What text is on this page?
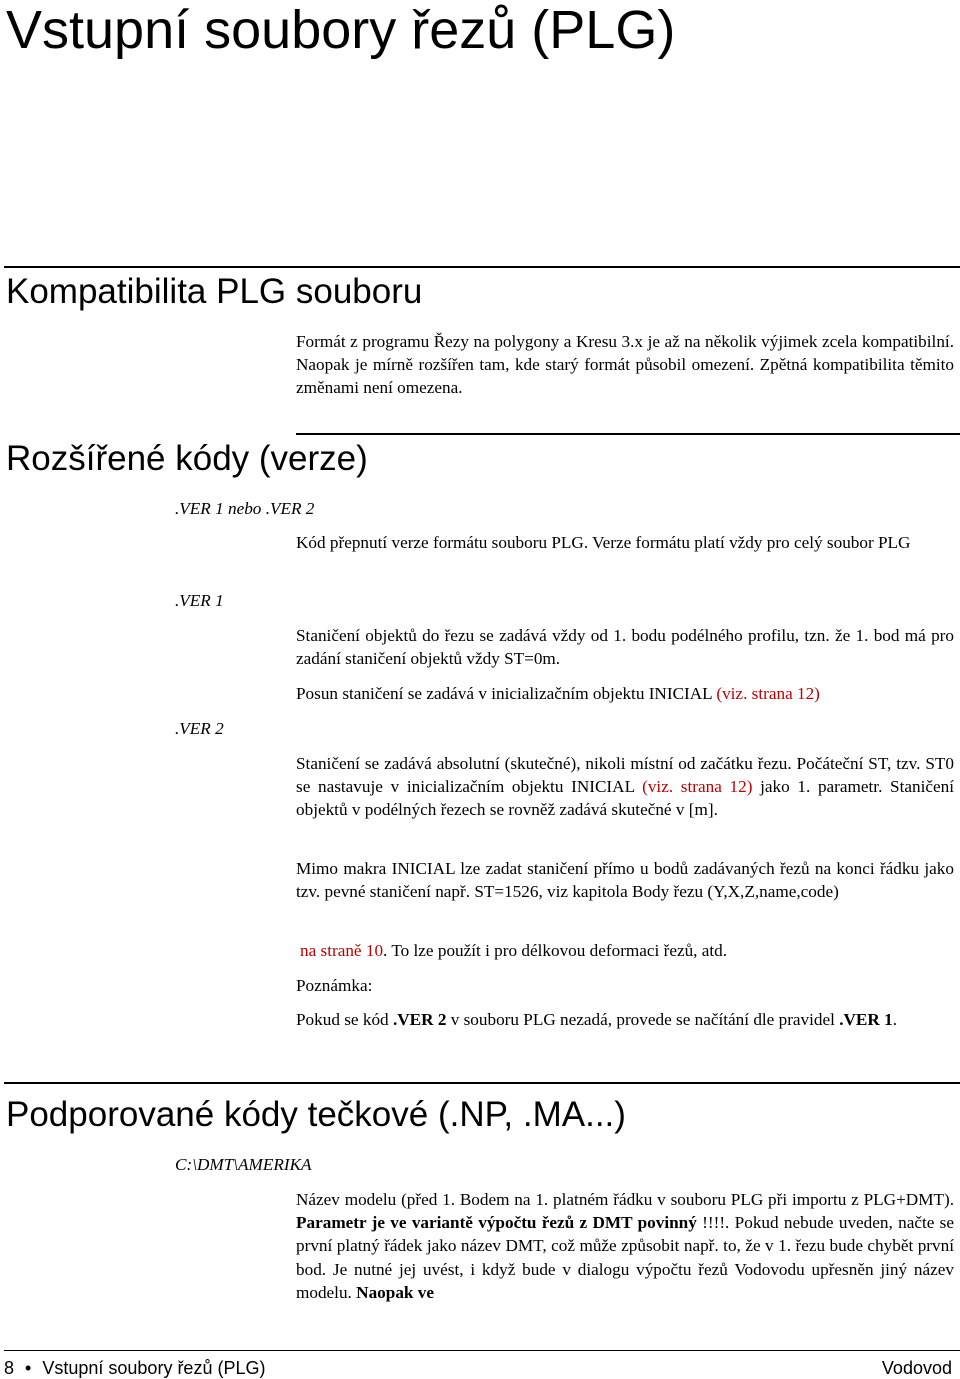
Vstupní soubory řezů (PLG)
Kompatibilita PLG souboru
Formát z programu Řezy na polygony a Kresu 3.x je až na několik výjimek zcela kompatibilní. Naopak je mírně rozšířen tam, kde starý formát působil omezení. Zpětná kompatibilita těmito změnami není omezena.
Rozšířené kódy (verze)
.VER 1 nebo .VER 2
Kód přepnutí verze formátu souboru PLG. Verze formátu platí vždy pro celý soubor PLG
.VER 1
Staničení objektů do řezu se zadává vždy od 1. bodu podélného profilu, tzn. že 1. bod má pro zadání staničení objektů vždy ST=0m.
Posun staničení se zadává v inicializačním objektu INICIAL (viz. strana 12)
.VER 2
Staničení se zadává absolutní (skutečné), nikoli místní od začátku řezu. Počáteční ST, tzv. ST0 se nastavuje v inicializačním objektu INICIAL (viz. strana 12) jako 1. parametr. Staničení objektů v podélných řezech se rovněž zadává skutečné v [m].
Mimo makra INICIAL lze zadat staničení přímo u bodů zadávaných řezů na konci řádku jako tzv. pevné staničení např. ST=1526, viz kapitola Body řezu (Y,X,Z,name,code)
na straně 10. To lze použít i pro délkovou deformaci řezů, atd.
Poznámka:
Pokud se kód .VER 2 v souboru PLG nezadá, provede se načítání dle pravidel .VER 1.
Podporované kódy tečkové (.NP, .MA...)
C:\DMT\AMERIKA
Název modelu (před 1. Bodem na 1. platném řádku v souboru PLG při importu z PLG+DMT). Parametr je ve variantě výpočtu řezů z DMT povinný !!!!. Pokud nebude uveden, načte se první platný řádek jako název DMT, což může způsobit např. to, že v 1. řezu bude chybět první bod. Je nutné jej uvést, i když bude v dialogu výpočtu řezů Vodovodu upřesněn jiný název modelu. Naopak ve
8 • Vstupní soubory řezů (PLG)	Vodovod
